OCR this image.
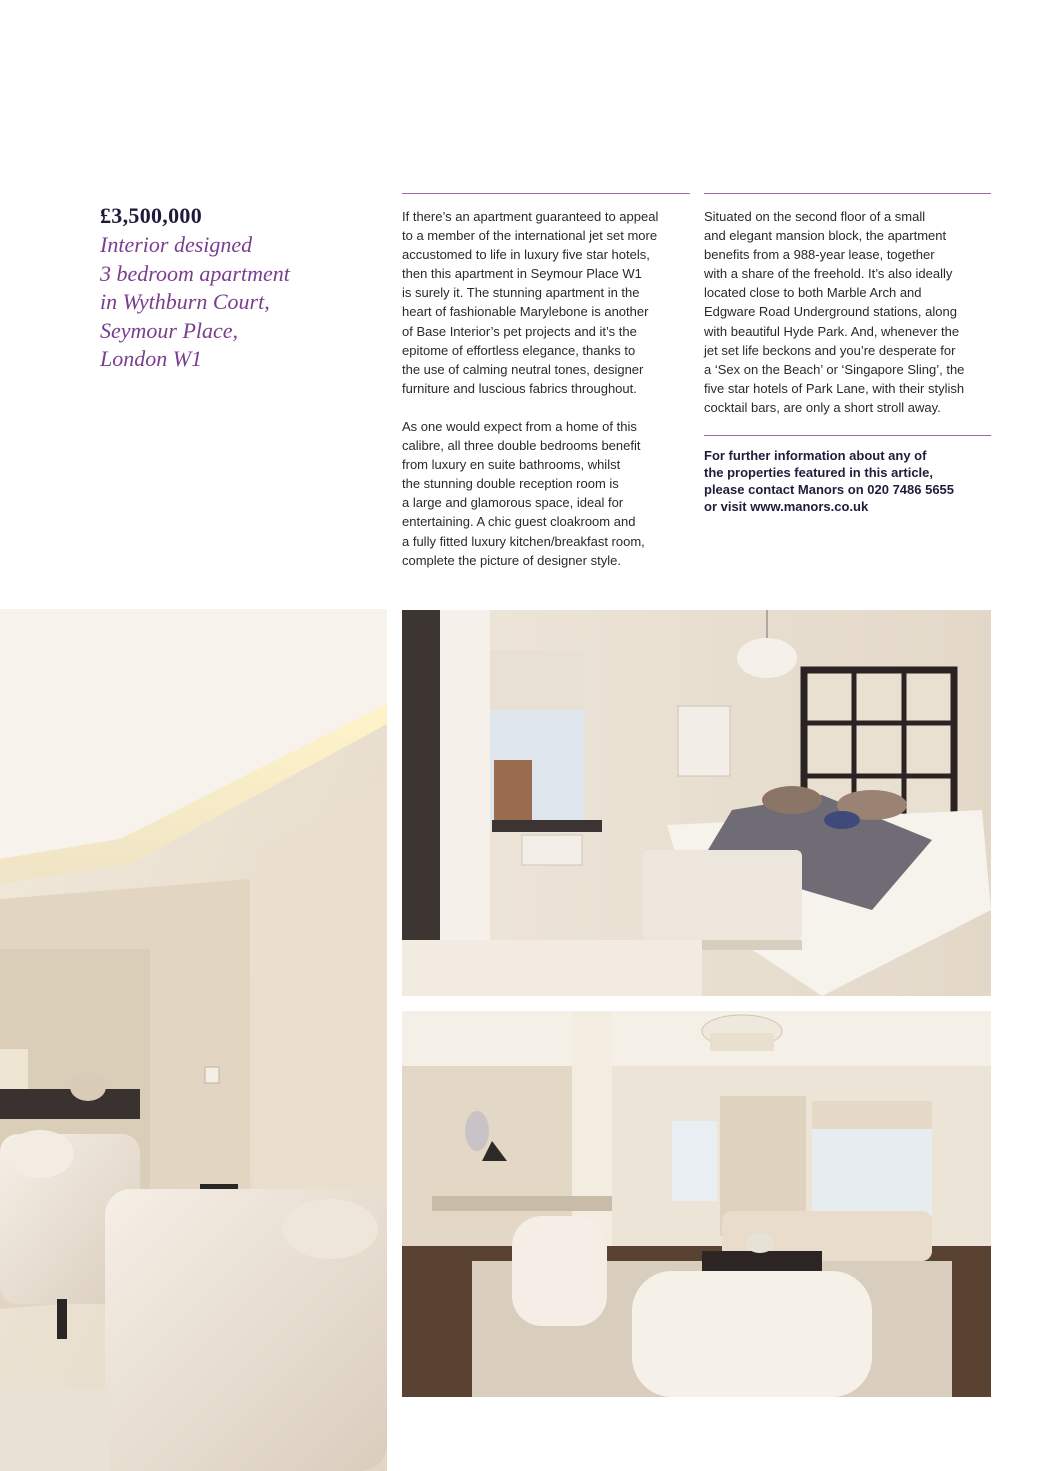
£3,500,000
Interior designed
3 bedroom apartment
in Wythburn Court,
Seymour Place,
London W1

If there’s an apartment guaranteed to appeal
to a member of the international jet set more
accustomed to life in luxury five star hotels,
then this apartment in Seymour Place W1
is surely it. The stunning apartment in the
heart of fashionable Marylebone is another
of Base Interior’s pet projects and it’s the
epitome of effortless elegance, thanks to
the use of calming neutral tones, designer
furniture and luscious fabrics throughout.

As one would expect from a home of this
calibre, all three double bedrooms benefit
from luxury en suite bathrooms, whilst
the stunning double reception room is
a large and glamorous space, ideal for
entertaining. A chic guest cloakroom and
a fully fitted luxury kitchen/breakfast room,
complete the picture of designer style.

Situated on the second floor of a small
and elegant mansion block, the apartment
benefits from a 988-year lease, together
with a share of the freehold. It’s also ideally
located close to both Marble Arch and
Edgware Road Underground stations, along
with beautiful Hyde Park. And, whenever the
jet set life beckons and you’re desperate for
a ‘Sex on the Beach’ or ‘Singapore Sling’, the
five star hotels of Park Lane, with their stylish
cocktail bars, are only a short stroll away.

For further information about any of
the properties featured in this article,
please contact Manors on 020 7486 5655
or visit www.manors.co.uk
